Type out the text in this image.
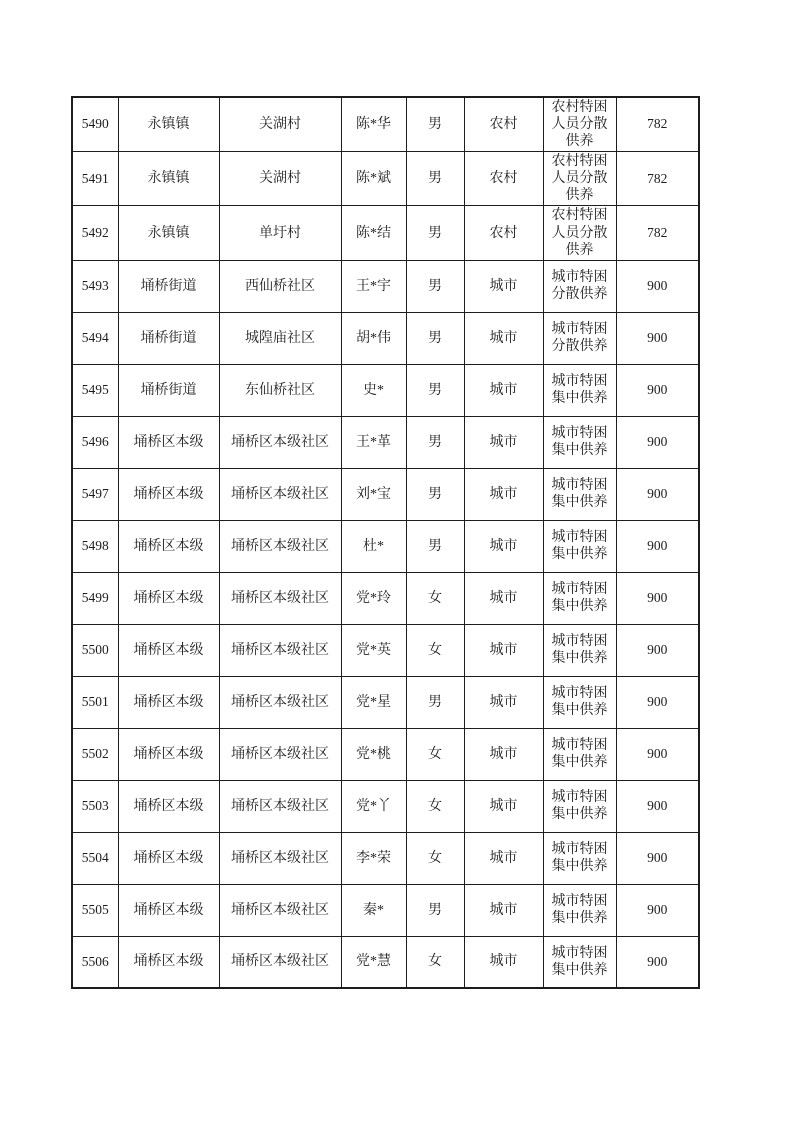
5490	永镇镇	关湖村	陈*华	男	农村	农村特困人员分散供养	782
5491	永镇镇	关湖村	陈*斌	男	农村	农村特困人员分散供养	782
5492	永镇镇	单圩村	陈*结	男	农村	农村特困人员分散供养	782
5493	埇桥街道	西仙桥社区	王*宇	男	城市	城市特困分散供养	900
5494	埇桥街道	城隍庙社区	胡*伟	男	城市	城市特困分散供养	900
5495	埇桥街道	东仙桥社区	史*	男	城市	城市特困集中供养	900
5496	埇桥区本级	埇桥区本级社区	王*革	男	城市	城市特困集中供养	900
5497	埇桥区本级	埇桥区本级社区	刘*宝	男	城市	城市特困集中供养	900
5498	埇桥区本级	埇桥区本级社区	杜*	男	城市	城市特困集中供养	900
5499	埇桥区本级	埇桥区本级社区	党*玲	女	城市	城市特困集中供养	900
5500	埇桥区本级	埇桥区本级社区	党*英	女	城市	城市特困集中供养	900
5501	埇桥区本级	埇桥区本级社区	党*星	男	城市	城市特困集中供养	900
5502	埇桥区本级	埇桥区本级社区	党*桃	女	城市	城市特困集中供养	900
5503	埇桥区本级	埇桥区本级社区	党*丫	女	城市	城市特困集中供养	900
5504	埇桥区本级	埇桥区本级社区	李*荣	女	城市	城市特困集中供养	900
5505	埇桥区本级	埇桥区本级社区	秦*	男	城市	城市特困集中供养	900
5506	埇桥区本级	埇桥区本级社区	党*慧	女	城市	城市特困集中供养	900
